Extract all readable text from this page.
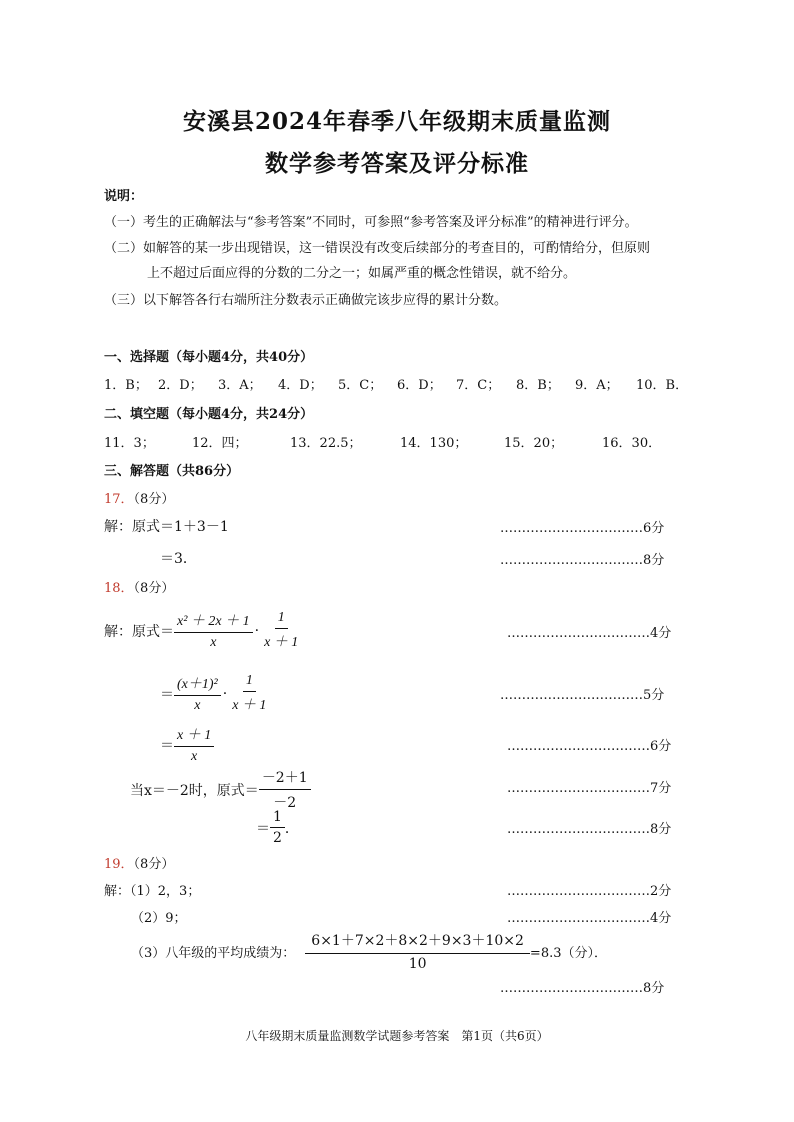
安溪县2024年春季八年级期末质量监测
数学参考答案及评分标准
说明：
（一）考生的正确解法与“参考答案”不同时，可参照“参考答案及评分标准”的精神进行评分。
（二）如解答的某一步出现错误，这一错误没有改变后续部分的考查目的，可酌情给分，但原则
上不超过后面应得的分数的二分之一；如属严重的概念性错误，就不给分。
（三）以下解答各行右端所注分数表示正确做完该步应得的累计分数。
一、选择题（每小题4分，共40分）
1．B； 2．D； 3．A； 4．D； 5．C； 6．D； 7．C； 8．B； 9．A； 10．B．
二、填空题（每小题4分，共24分）
11．3；	12．四；	13．22.5；	14．130；	15．20；	16．30．
三、解答题（共86分）
17．（8分）
解：原式＝1＋3－1	……………………………6分
＝3．	……………………………8分
18．（8分）
解：原式＝ $\frac{\text{x² ＋ 2x ＋ 1}}{x} \cdot \frac{1}{x + 1}$	……………………………4分
＝ $\frac{\text{(x＋1)²}}{x} \cdot \frac{1}{x + 1}$	……………………………5分
＝ $\frac{x + 1}{x}$	……………………………6分
当x＝－2时，原式＝ $\frac{-2+1}{-2}$	……………………………7分
＝ $\frac{1}{2}$ ．	……………………………8分
19．（8分）
解：（1）2，3；	……………………………2分
（2）9；	……………………………4分
（3）八年级的平均成绩为： $\frac{6\times 1+7\times 2+8\times 2+9\times 3+10\times 2}{10} =8.3$（分）．
……………………………8分
八年级期末质量监测数学试题参考答案　第1页（共6页）
